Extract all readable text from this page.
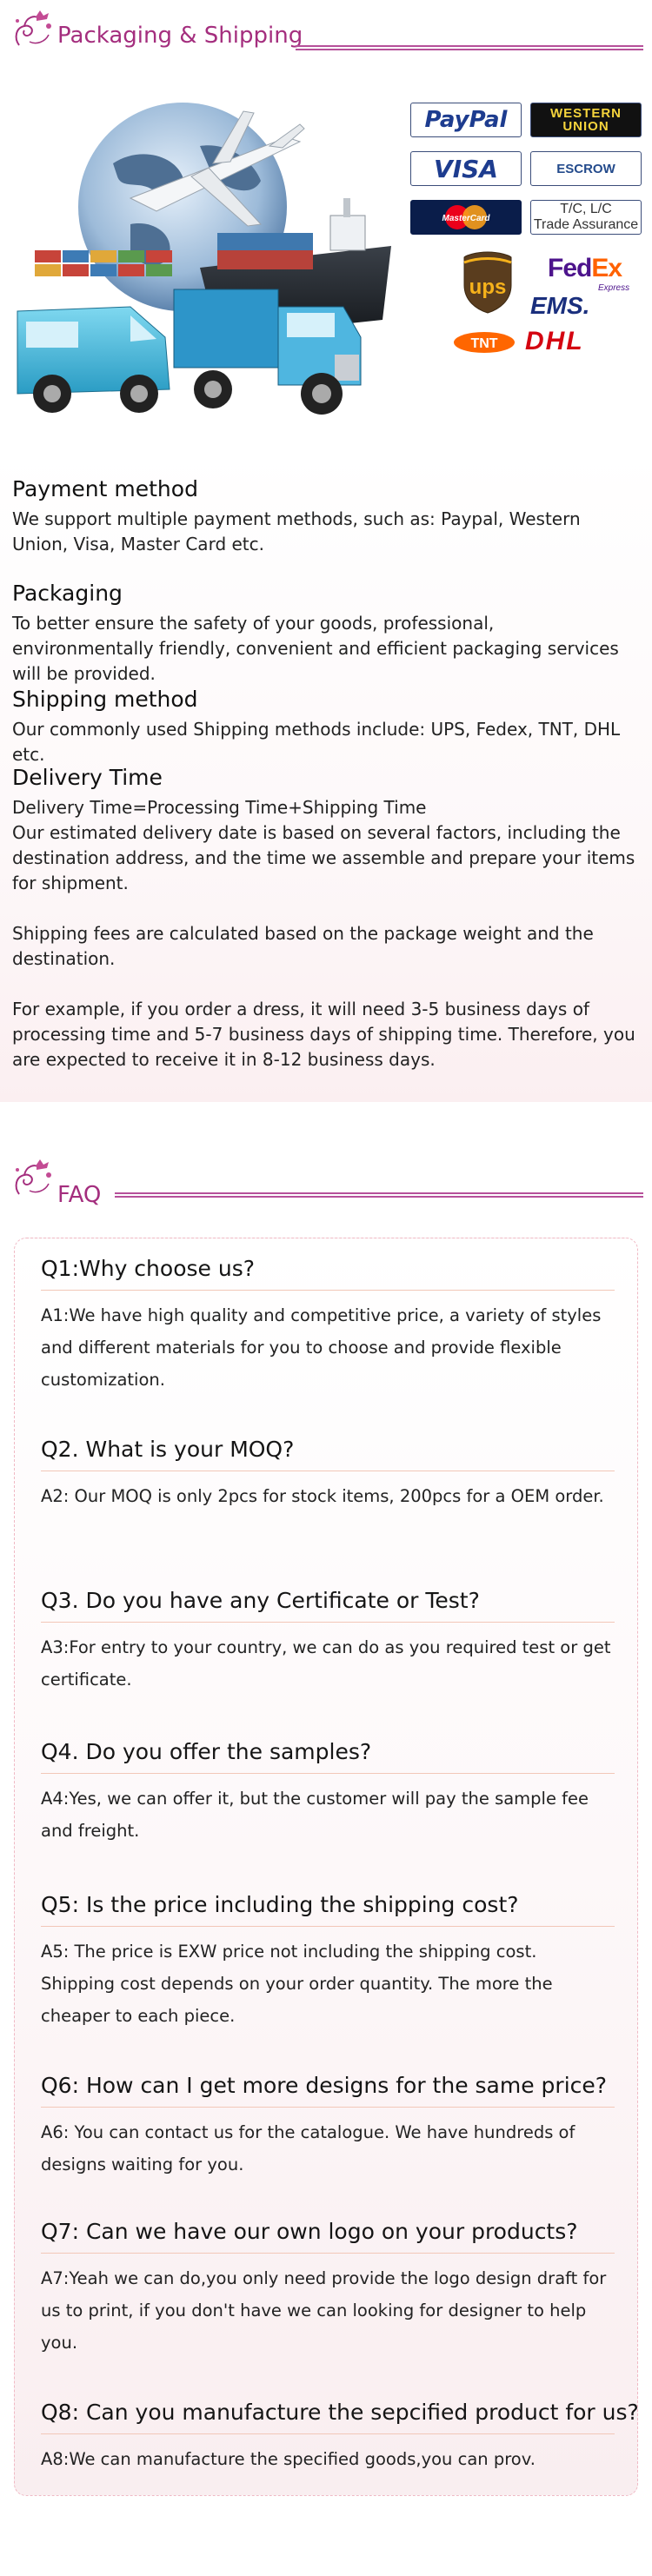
Packaging & Shipping
PayPal	WESTERN
UNION
VISA	ESCROW
MasterCard
T/C, L/C
Trade Assurance
ups
FedEx
Express
EMS.
TNT DHL
Payment method
We support multiple payment methods, such as: Paypal, Western Union, Visa, Master Card etc.
Packaging
To better ensure the safety of your goods, professional, environmentally friendly, convenient and efficient packaging services will be provided.
Shipping method
Our commonly used Shipping methods include: UPS, Fedex, TNT, DHL etc.
Delivery Time
Delivery Time=Processing Time+Shipping Time
Our estimated delivery date is based on several factors, including the destination address, and the time we assemble and prepare your items for shipment.
Shipping fees are calculated based on the package weight and the destination.
For example, if you order a dress, it will need 3-5 business days of processing time and 5-7 business days of shipping time. Therefore, you are expected to receive it in 8-12 business days.
FAQ
Q1:Why choose us?
A1:We have high quality and competitive price, a variety of styles and different materials for you to choose and provide flexible customization.
Q2. What is your MOQ?
A2: Our MOQ is only 2pcs for stock items, 200pcs for a OEM order.
Q3. Do you have any Certificate or Test?
A3:For entry to your country, we can do as you required test or get certificate.
Q4. Do you offer the samples?
A4:Yes, we can offer it, but the customer will pay the sample fee and freight.
Q5: Is the price including the shipping cost?
A5: The price is EXW price not including the shipping cost. Shipping cost depends on your order quantity. The more the cheaper to each piece.
Q6: How can I get more designs for the same price?
A6: You can contact us for the catalogue. We have hundreds of designs waiting for you.
Q7: Can we have our own logo on your products?
A7:Yeah we can do,you only need provide the logo design draft for us to print, if you don't have we can looking for designer to help you.
Q8: Can you manufacture the sepcified product for us?
A8:We can manufacture the specified goods,you can prov.
